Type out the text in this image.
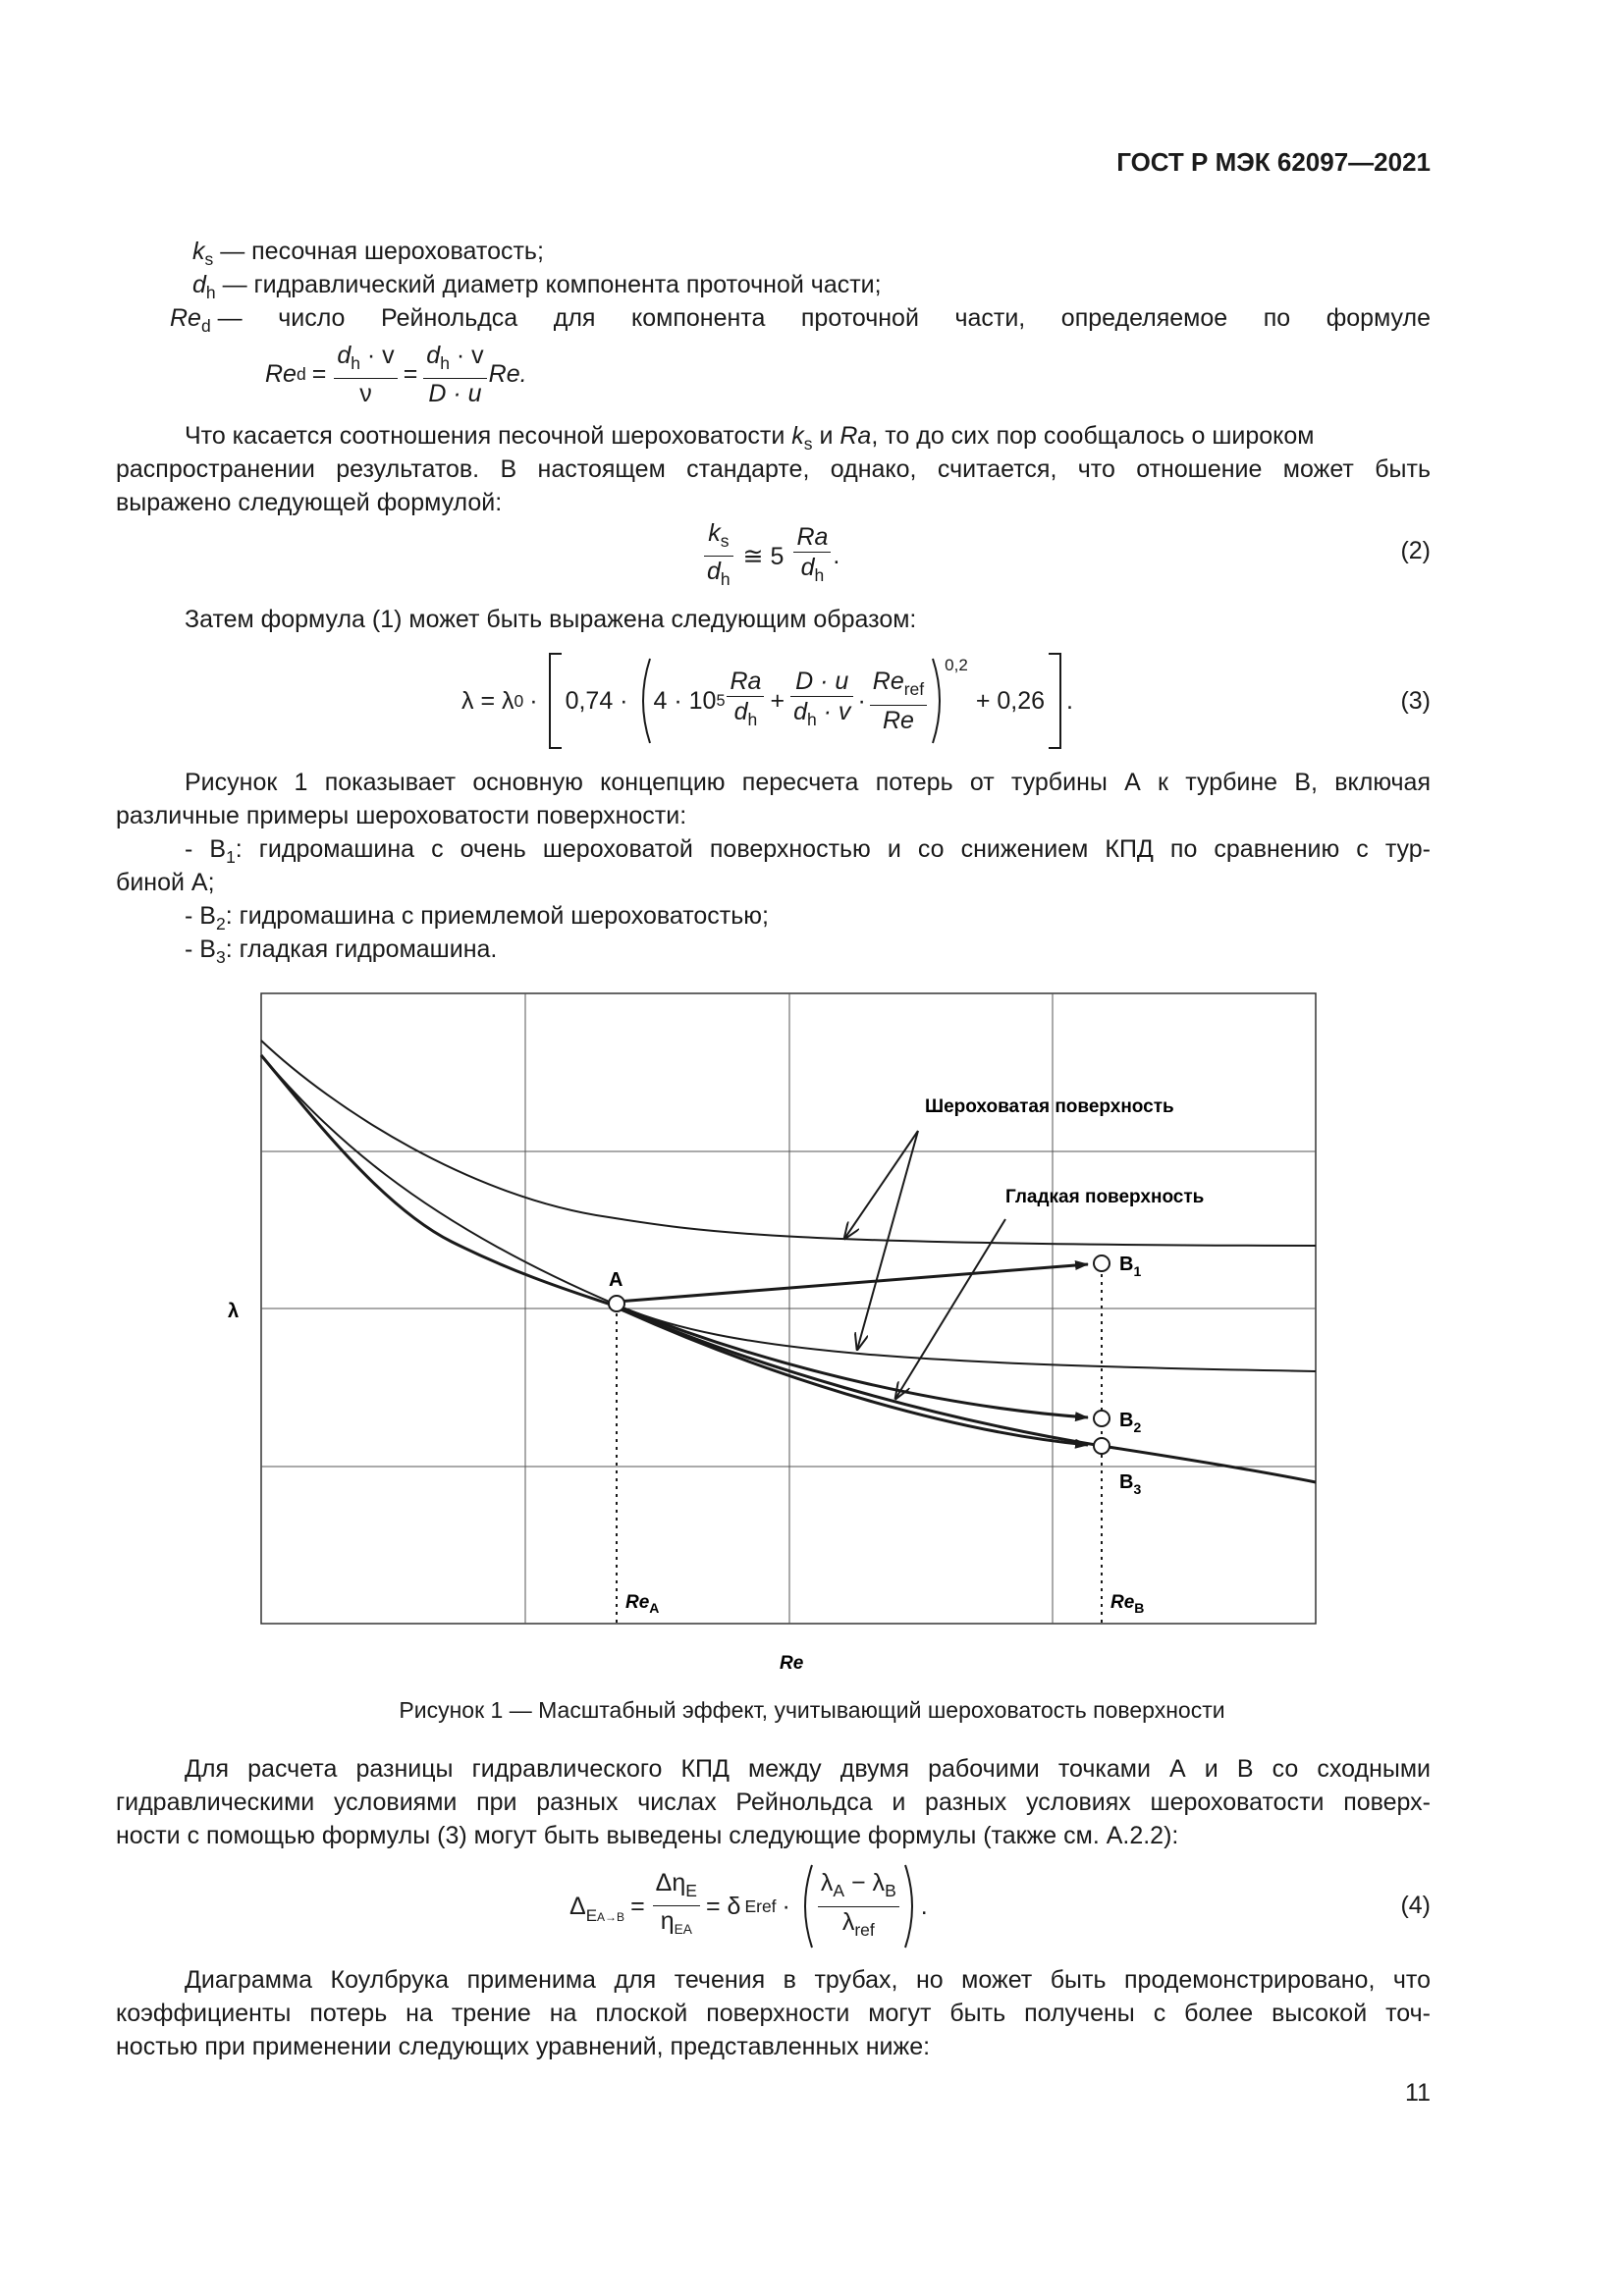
ГОСТ Р МЭК 62097—2021
$k_s$ — песочная шероховатость;
$d_h$ — гидравлический диаметр компонента проточной части;
$Re_d$ — число Рейнольдса для компонента проточной части, определяемое по формуле
Re $d = \frac{d_h \cdot v}{\nu} = \frac{d_h \cdot v}{D \cdot u} Re$.
Что касается соотношения песочной шероховатости $k_s$ и Ra, то до сих пор сообщалось о широком
распространении результатов. В настоящем стандарте, однако, считается, что отношение может быть
выражено следующей формулой:
$\frac{k_s}{d_h}$ ≅ $5 \frac{Ra}{d_h}$ .	(2)
Затем формула (1) может быть выражена следующим образом:
λ = λ 0 · 0,74 · 4 · 10 $5 \frac{Ra}{d_h} + \frac{D \cdot u}{d_h \cdot v} \cdot \frac{Re_{ref}}{Re}$
0,2
+ 0,26 .	(3)
Рисунок 1 показывает основную концепцию пересчета потерь от турбины А к турбине В, включая
различные примеры шероховатости поверхности:
- $B_1$: гидромашина с очень шероховатой поверхностью и со снижением КПД по сравнению с тур-
биной А;
- $B_2$: гидромашина с приемлемой шероховатостью;
- $B_3$: гладкая гидромашина.
λ
Шероховатая поверхность
Гладкая поверхность
A
$B_1$
$B_2$
$B_3$
$Re_A$	$Re_B$
Re
Рисунок 1 — Масштабный эффект, учитывающий шероховатость поверхности
Для расчета разницы гидравлического КПД между двумя рабочими точками А и В со сходными
гидравлическими условиями при разных числах Рейнольдса и разных условиях шероховатости поверх-
ности с помощью формулы (3) могут быть выведены следующие формулы (также см. А.2.2):
Δ $EA\to B = \frac{\Delta\eta_E}{\eta_{EA}} = \delta$ Eref · $\frac{\lambda_A - \lambda_B}{\lambda_{ref}}$ .	(4)
Диаграмма Коулбрука применима для течения в трубах, но может быть продемонстрировано, что
коэффициенты потерь на трение на плоской поверхности могут быть получены с более высокой точ-
ностью при применении следующих уравнений, представленных ниже:
11
